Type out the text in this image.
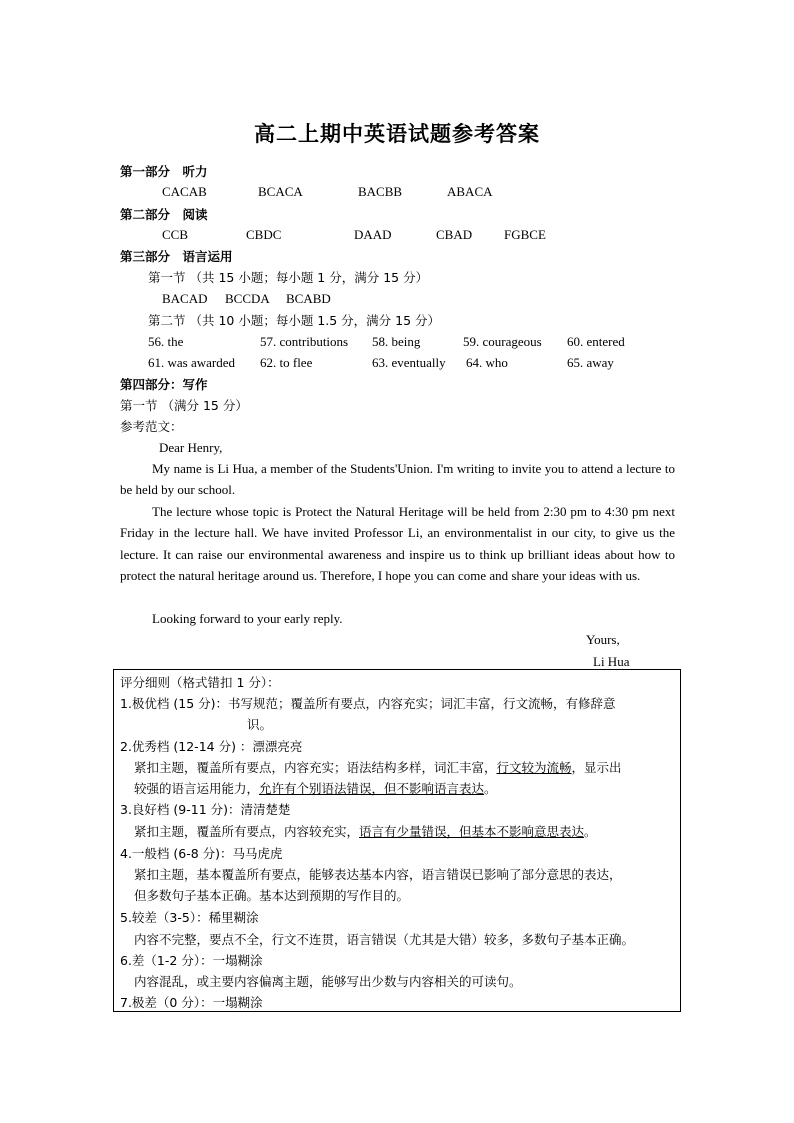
高二上期中英语试题参考答案
第一部分　听力
CACAB	BCACA	BACBB	ABACA
第二部分　阅读
CCB	CBDC	DAAD	CBAD FGBCE
第三部分　语言运用
第一节 （共 15 小题；每小题 1 分，满分 15 分）
BACAD BCCDA BCABD
第二节 （共 10 小题；每小题 1.5 分，满分 15 分）
56. the	57. contributions 58. being	59. courageous 60. entered
61. was awarded 62. to flee	63. eventually 64. who	65. away
第四部分：写作
第一节 （满分 15 分）
参考范文：
Dear Henry,

My name is Li Hua, a member of the Students'Union. I'm writing to invite you to attend a lecture to be held by our school.

The lecture whose topic is Protect the Natural Heritage will be held from 2:30 pm to 4:30 pm next Friday in the lecture hall. We have invited Professor Li, an environmentalist in our city, to give us the lecture. It can raise our environmental awareness and inspire us to think up brilliant ideas about how to protect the natural heritage around us. Therefore, I hope you can come and share your ideas with us.

Looking forward to your early reply.
Yours,
Li Hua
评分细则（格式错扣 1 分）：
1.极优档 (15 分)：书写规范；覆盖所有要点，内容充实；词汇丰富，行文流畅，有修辞意
识。
2.优秀档 (12-14 分) ：漂漂亮亮
紧扣主题，覆盖所有要点，内容充实；语法结构多样，词汇丰富，行文较为流畅，显示出
较强的语言运用能力，允许有个别语法错误，但不影响语言表达。
3.良好档 (9-11 分)：清清楚楚
紧扣主题，覆盖所有要点，内容较充实，语言有少量错误，但基本不影响意思表达。
4.一般档 (6-8 分)：马马虎虎
紧扣主题，基本覆盖所有要点，能够表达基本内容，语言错误已影响了部分意思的表达，
但多数句子基本正确。基本达到预期的写作目的。
5.较差（3-5）：稀里糊涂
内容不完整，要点不全，行文不连贯，语言错误（尤其是大错）较多，多数句子基本正确。
6.差（1-2 分）：一塌糊涂
内容混乱，或主要内容偏离主题，能够写出少数与内容相关的可读句。
7.极差（0 分）：一塌糊涂
